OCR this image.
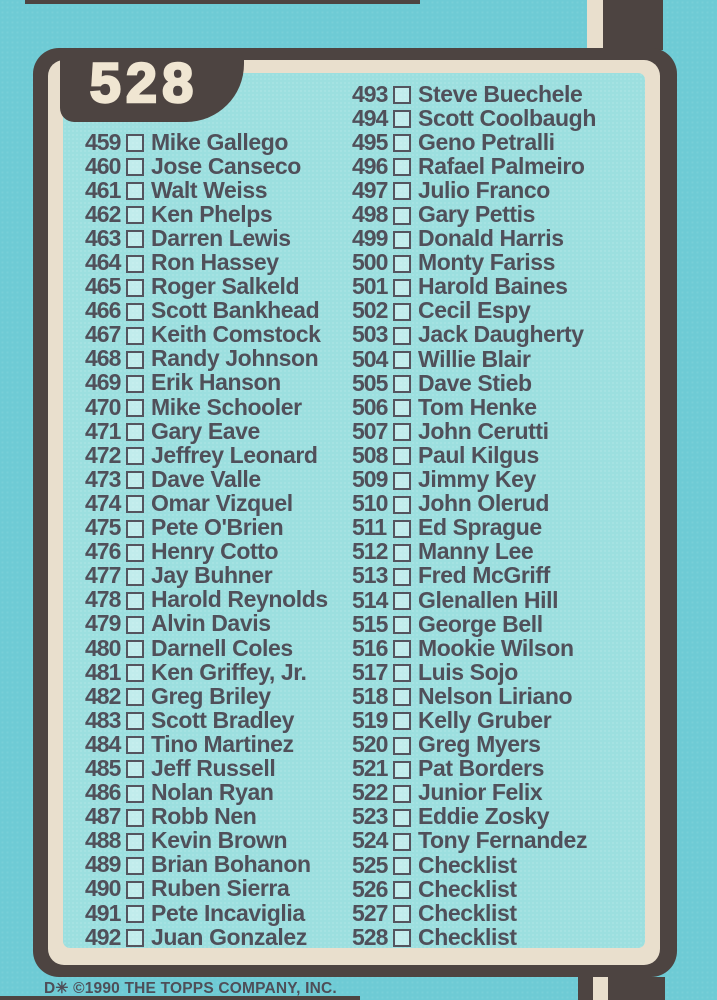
528
459 Mike Gallego
460 Jose Canseco
461 Walt Weiss
462 Ken Phelps
463 Darren Lewis
464 Ron Hassey
465 Roger Salkeld
466 Scott Bankhead
467 Keith Comstock
468 Randy Johnson
469 Erik Hanson
470 Mike Schooler
471 Gary Eave
472 Jeffrey Leonard
473 Dave Valle
474 Omar Vizquel
475 Pete O'Brien
476 Henry Cotto
477 Jay Buhner
478 Harold Reynolds
479 Alvin Davis
480 Darnell Coles
481 Ken Griffey, Jr.
482 Greg Briley
483 Scott Bradley
484 Tino Martinez
485 Jeff Russell
486 Nolan Ryan
487 Robb Nen
488 Kevin Brown
489 Brian Bohanon
490 Ruben Sierra
491 Pete Incaviglia
492 Juan Gonzalez
493 Steve Buechele
494 Scott Coolbaugh
495 Geno Petralli
496 Rafael Palmeiro
497 Julio Franco
498 Gary Pettis
499 Donald Harris
500 Monty Fariss
501 Harold Baines
502 Cecil Espy
503 Jack Daugherty
504 Willie Blair
505 Dave Stieb
506 Tom Henke
507 John Cerutti
508 Paul Kilgus
509 Jimmy Key
510 John Olerud
511 Ed Sprague
512 Manny Lee
513 Fred McGriff
514 Glenallen Hill
515 George Bell
516 Mookie Wilson
517 Luis Sojo
518 Nelson Liriano
519 Kelly Gruber
520 Greg Myers
521 Pat Borders
522 Junior Felix
523 Eddie Zosky
524 Tony Fernandez
525 Checklist
526 Checklist
527 Checklist
528 Checklist
D✳ ©1990 THE TOPPS COMPANY, INC.
